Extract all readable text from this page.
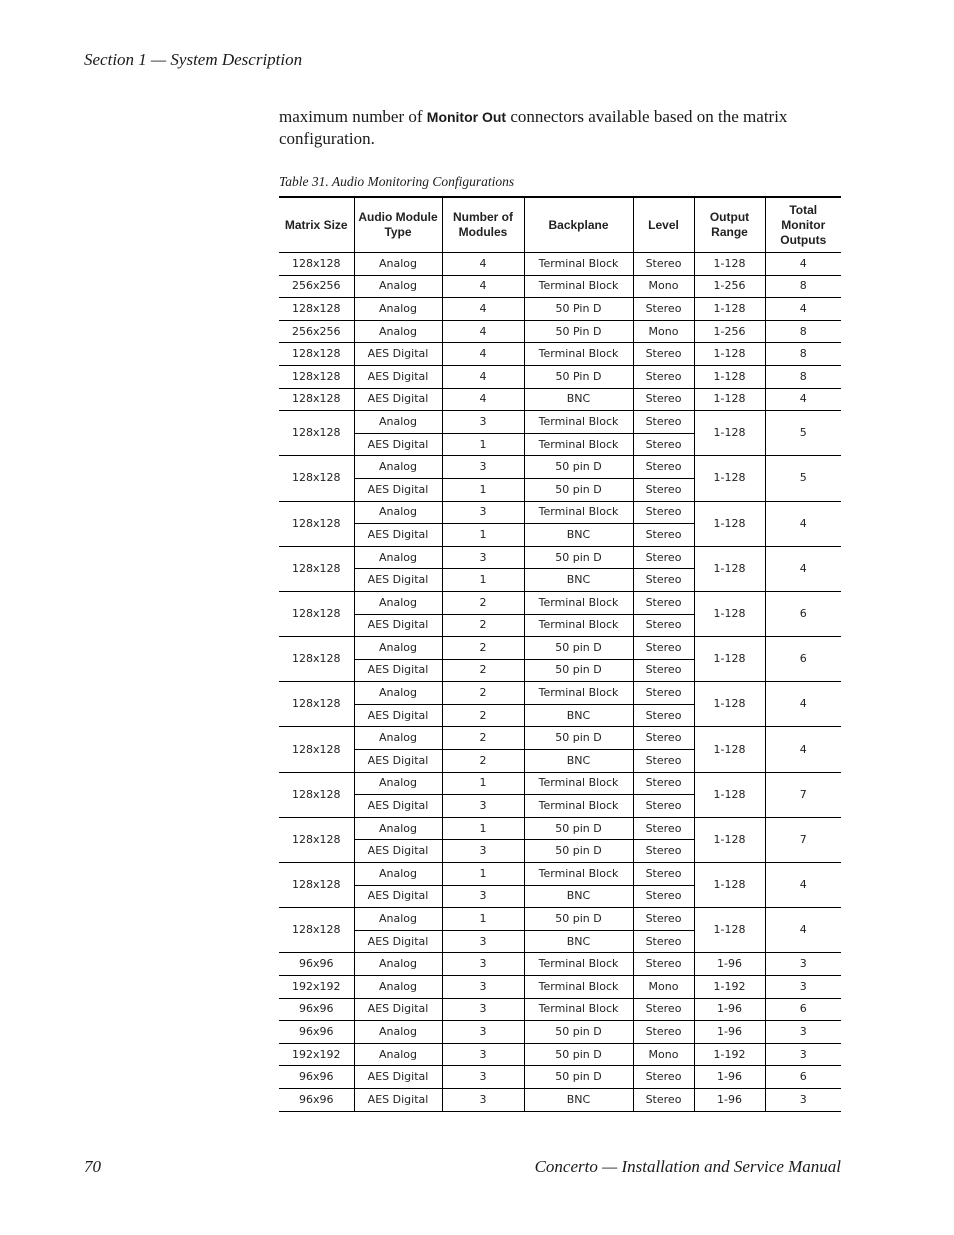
Section 1 — System Description
maximum number of Monitor Out connectors available based on the matrix configuration.
Table 31. Audio Monitoring Configurations
Matrix Size	Audio Module Type	Number of Modules	Backplane	Level	Output Range	Total Monitor Outputs
128x128	Analog	4	Terminal Block	Stereo	1-128	4
256x256	Analog	4	Terminal Block	Mono	1-256	8
128x128	Analog	4	50 Pin D	Stereo	1-128	4
256x256	Analog	4	50 Pin D	Mono	1-256	8
128x128	AES Digital	4	Terminal Block	Stereo	1-128	8
128x128	AES Digital	4	50 Pin D	Stereo	1-128	8
128x128	AES Digital	4	BNC	Stereo	1-128	4
128x128	Analog	3	Terminal Block	Stereo	1-128	5
	AES Digital	1	Terminal Block	Stereo		
128x128	Analog	3	50 pin D	Stereo	1-128	5
	AES Digital	1	50 pin D	Stereo		
128x128	Analog	3	Terminal Block	Stereo	1-128	4
	AES Digital	1	BNC	Stereo		
128x128	Analog	3	50 pin D	Stereo	1-128	4
	AES Digital	1	BNC	Stereo		
128x128	Analog	2	Terminal Block	Stereo	1-128	6
	AES Digital	2	Terminal Block	Stereo		
128x128	Analog	2	50 pin D	Stereo	1-128	6
	AES Digital	2	50 pin D	Stereo		
128x128	Analog	2	Terminal Block	Stereo	1-128	4
	AES Digital	2	BNC	Stereo		
128x128	Analog	2	50 pin D	Stereo	1-128	4
	AES Digital	2	BNC	Stereo		
128x128	Analog	1	Terminal Block	Stereo	1-128	7
	AES Digital	3	Terminal Block	Stereo		
128x128	Analog	1	50 pin D	Stereo	1-128	7
	AES Digital	3	50 pin D	Stereo		
128x128	Analog	1	Terminal Block	Stereo	1-128	4
	AES Digital	3	BNC	Stereo		
128x128	Analog	1	50 pin D	Stereo	1-128	4
	AES Digital	3	BNC	Stereo		
96x96	Analog	3	Terminal Block	Stereo	1-96	3
192x192	Analog	3	Terminal Block	Mono	1-192	3
96x96	AES Digital	3	Terminal Block	Stereo	1-96	6
96x96	Analog	3	50 pin D	Stereo	1-96	3
192x192	Analog	3	50 pin D	Mono	1-192	3
96x96	AES Digital	3	50 pin D	Stereo	1-96	6
96x96	AES Digital	3	BNC	Stereo	1-96	3
70	Concerto — Installation and Service Manual
